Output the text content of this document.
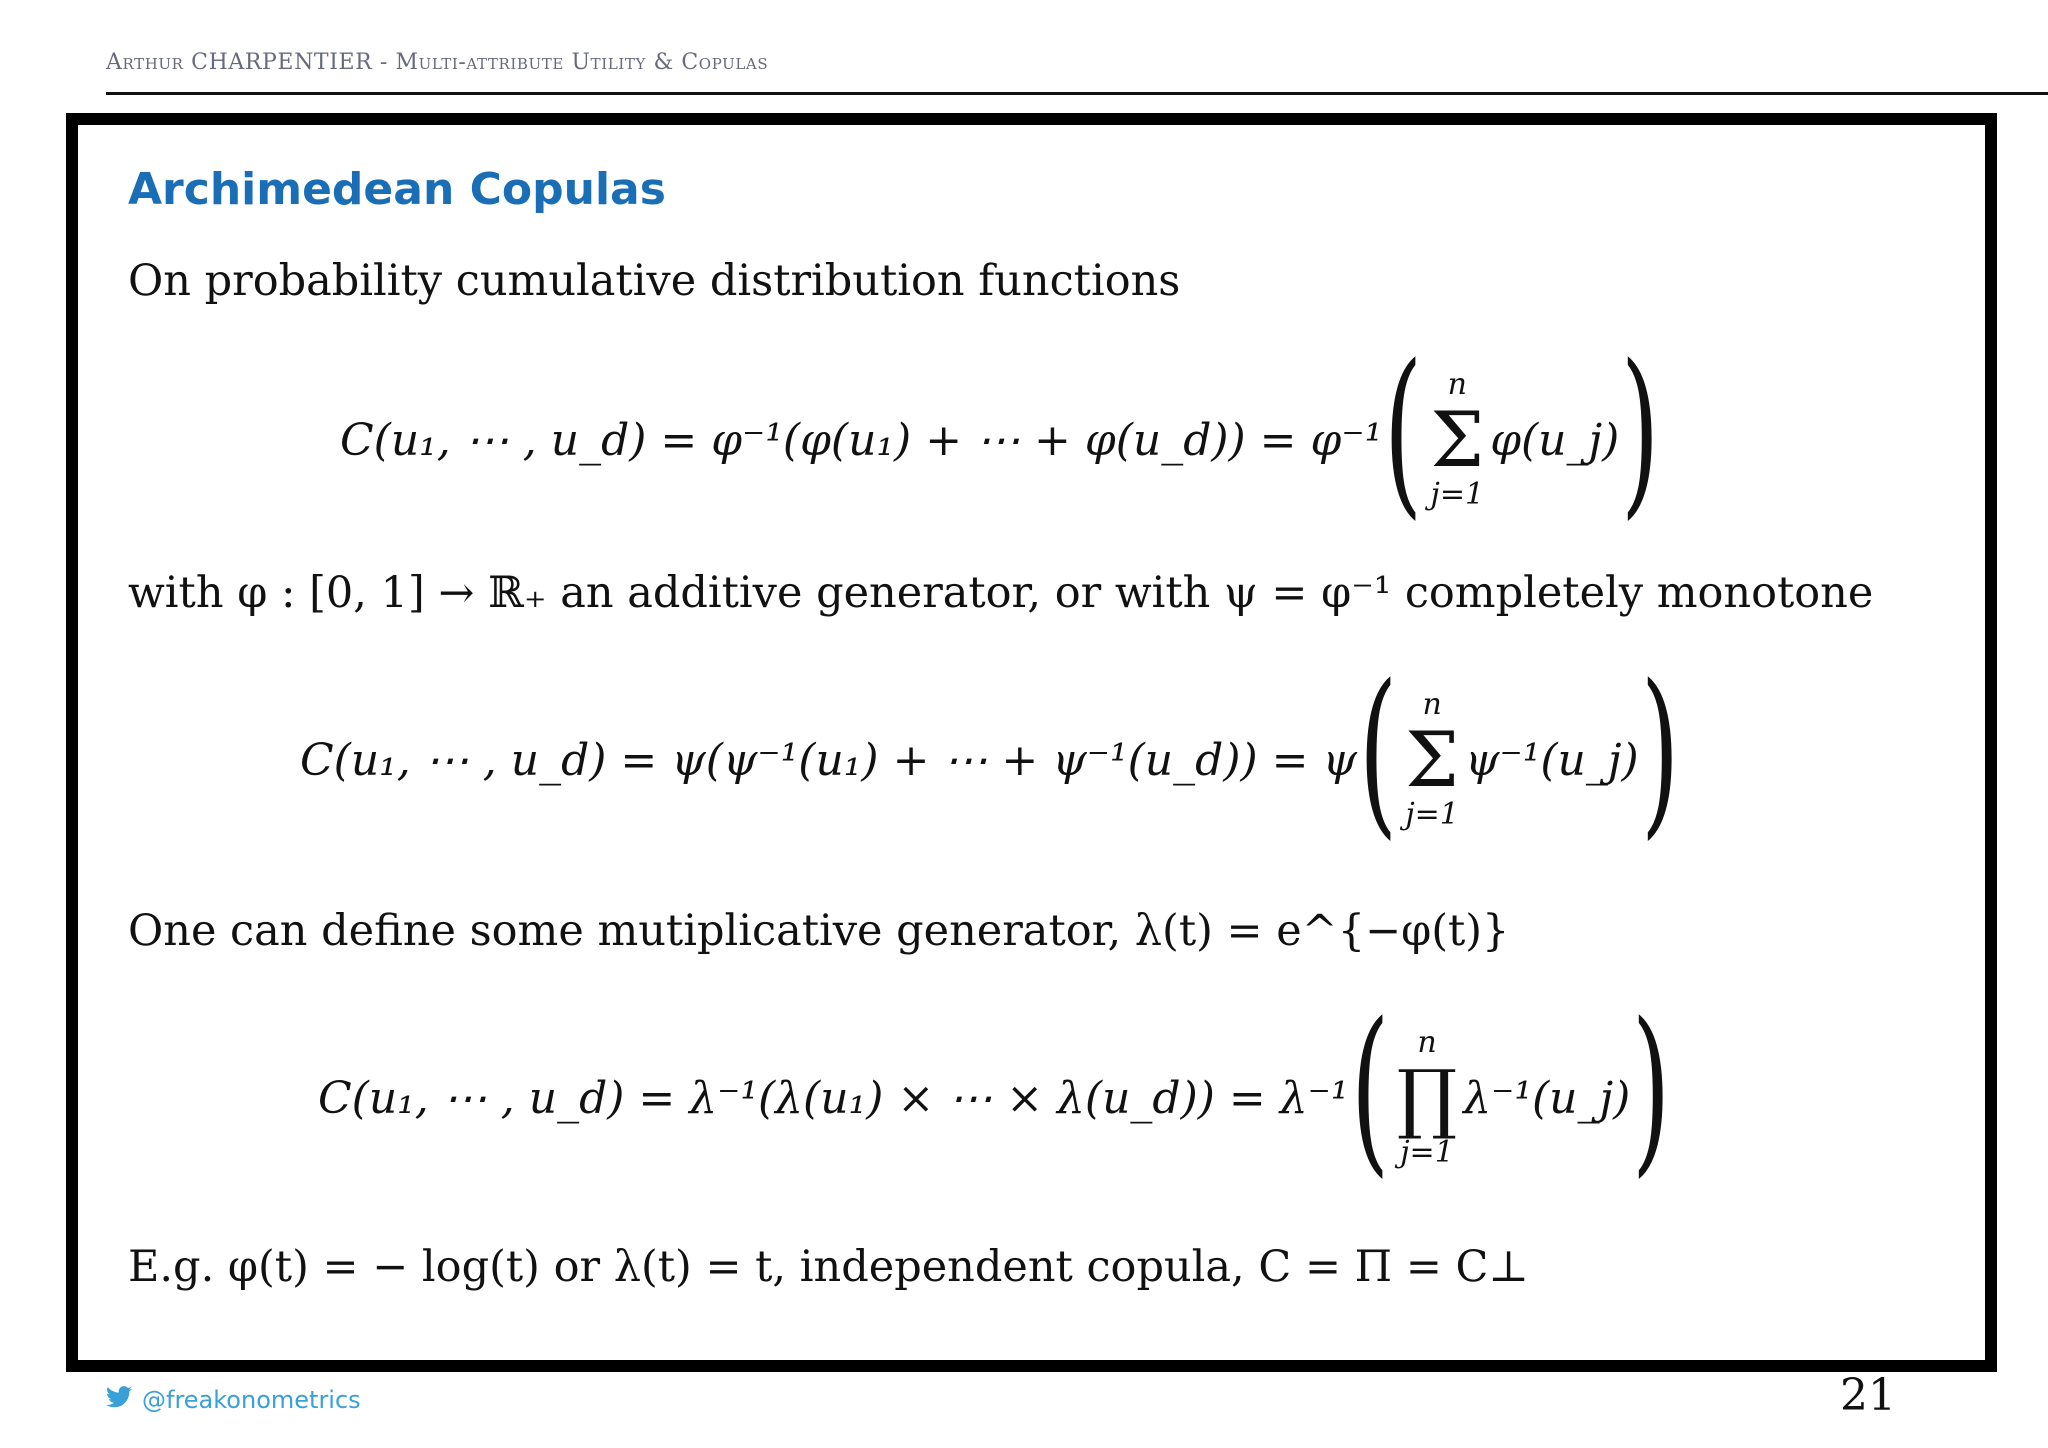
Arthur CHARPENTIER - Multi-attribute Utility & Copulas
Archimedean Copulas
On probability cumulative distribution functions
C(u₁, ⋯ , u_d) = φ⁻¹(φ(u₁) + ⋯ + φ(u_d)) = φ⁻¹ ( n
Σ
j=1
φ(u_j) )
with φ : [0, 1] → ℝ₊ an additive generator, or with ψ = φ⁻¹ completely monotone
C(u₁, ⋯ , u_d) = ψ(ψ⁻¹(u₁) + ⋯ + ψ⁻¹(u_d)) = ψ ( n
Σ
j=1
ψ⁻¹(u_j) )
One can define some mutiplicative generator, λ(t) = e^{−φ(t)}
C(u₁, ⋯ , u_d) = λ⁻¹(λ(u₁) × ⋯ × λ(u_d)) = λ⁻¹ ( n
∏
j=1
λ⁻¹(u_j) )
E.g. φ(t) = − log(t) or λ(t) = t, independent copula, C = Π = C⊥
@freakonometrics	21
